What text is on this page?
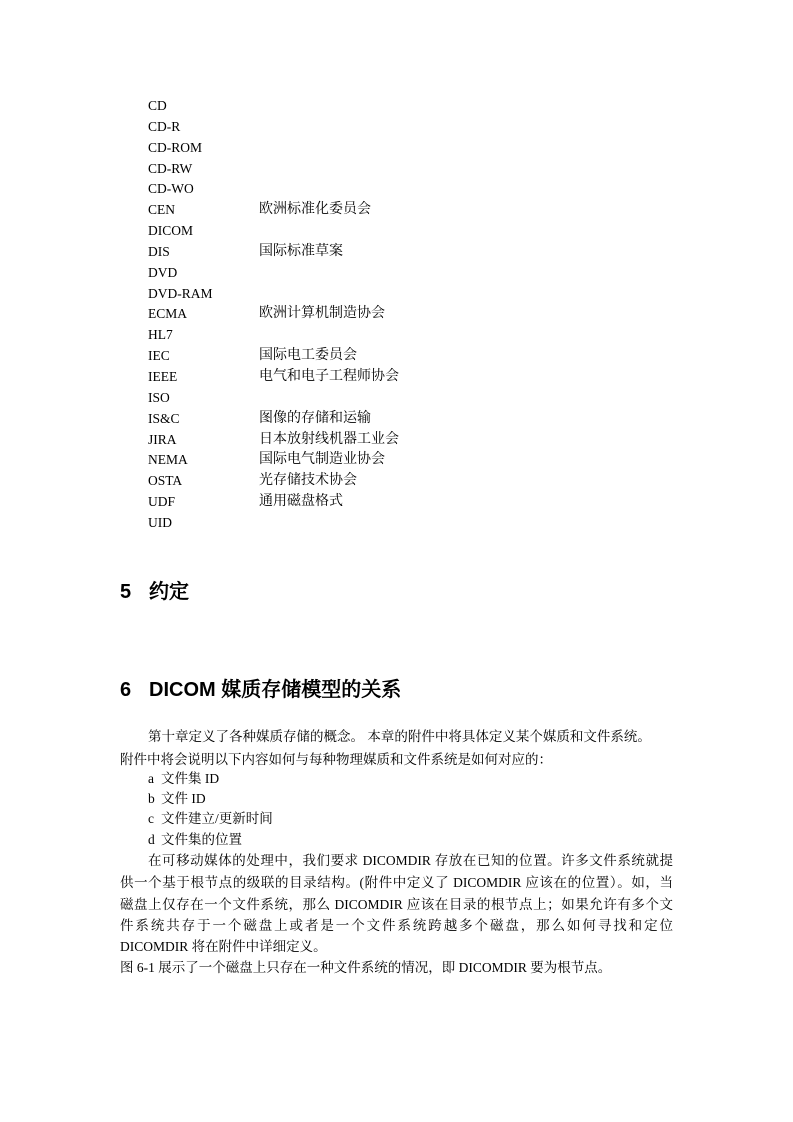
CD
CD-R
CD-ROM
CD-RW
CD-WO
CEN	欧洲标准化委员会
DICOM
DIS	国际标准草案
DVD
DVD-RAM
ECMA	欧洲计算机制造协会
HL7
IEC	国际电工委员会
IEEE	电气和电子工程师协会
ISO
IS&C	图像的存储和运输
JIRA	日本放射线机器工业会
NEMA	国际电气制造业协会
OSTA	光存储技术协会
UDF	通用磁盘格式
UID
5 约定
6 DICOM 媒质存储模型的关系
第十章定义了各种媒质存储的概念。 本章的附件中将具体定义某个媒质和文件系统。
附件中将会说明以下内容如何与每种物理媒质和文件系统是如何对应的：
a 文件集 ID
b 文件 ID
c 文件建立/更新时间
d 文件集的位置
在可移动媒体的处理中，我们要求 DICOMDIR 存放在已知的位置。许多文件系统就提
供一个基于根节点的级联的目录结构。(附件中定义了 DICOMDIR 应该在的位置）。如，当
磁盘上仅存在一个文件系统，那么 DICOMDIR 应该在目录的根节点上；如果允许有多个文
件系统共存于一个磁盘上或者是一个文件系统跨越多个磁盘，那么如何寻找和定位
DICOMDIR 将在附件中详细定义。
图 6-1 展示了一个磁盘上只存在一种文件系统的情况，即 DICOMDIR 要为根节点。
